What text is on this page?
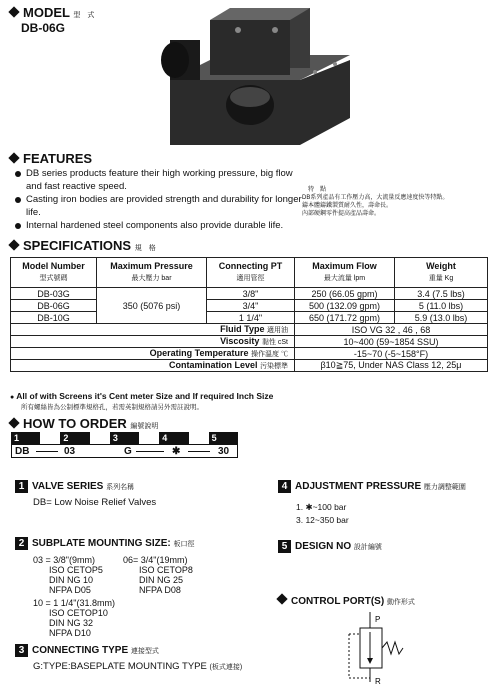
MODEL 型　式
DB-06G
FEATURES
DB series products feature their high working pressure, big flow and fast reactive speed.
Casting iron bodies are provided strength and durability for longer life.
Internal hardened steel components also provide durable life.
特　點
DB系列產品有工作壓力高，大流量反應速度快等特點。
鑄本體鑄鐵製質耐久性，壽命長。
內部硬鋼零件提高產品壽命。
SPECIFICATIONS 規　格
Model Number
型式號碼	Maximum Pressure
最大壓力 bar	Connecting PT
適用管徑	Maximum Flow
最大流量 lpm	Weight
重量 Kg
DB-03G	350 (5076 psi)	3/8"	250 (66.05 gpm)	3.4 (7.5 lbs)
DB-06G		3/4"	500 (132.09 gpm)	5 (11.0 lbs)
DB-10G		1 1/4"	650 (171.72 gpm)	5.9 (13.0 lbs)
Fluid Type 適用油			ISO VG 32 , 46 , 68	
Viscosity 黏性 cSt			10~400 (59~1854 SSU)	
Operating Temperature 操作溫度 ℃			-15~70 (-5~158°F)	
Contamination Level 污染標準			β10≧75, Under NAS Class 12, 25μ	
● All of with Screens it's Cent meter Size and If required Inch Size
所有螺絲皆為公制標準規格孔，若需英制規格請另外需註說明。
HOW TO ORDER 編號說明
1	2	3	4	5
DB	03	G	✱	30
1 VALVE SERIES 系列名稱
DB= Low Noise Relief Valves
2 SUBPLATE MOUNTING SIZE: 板口徑
03 = 3/8"(9mm)
ISO CETOP5
DIN NG 10
NFPA D05
06= 3/4"(19mm)
ISO CETOP8
DIN NG 25
NFPA D08
10 = 1 1/4"(31.8mm)
ISO CETOP10
DIN NG 32
NFPA D10
3 CONNECTING TYPE 連接型式
G:TYPE:BASEPLATE MOUNTING TYPE (板式連接)
4 ADJUSTMENT PRESSURE 壓力調整範圍
1. ✱~100 bar
3. 12~350 bar
5 DESIGN NO 設計編號
CONTROL PORT(S) 動作形式
P
R
